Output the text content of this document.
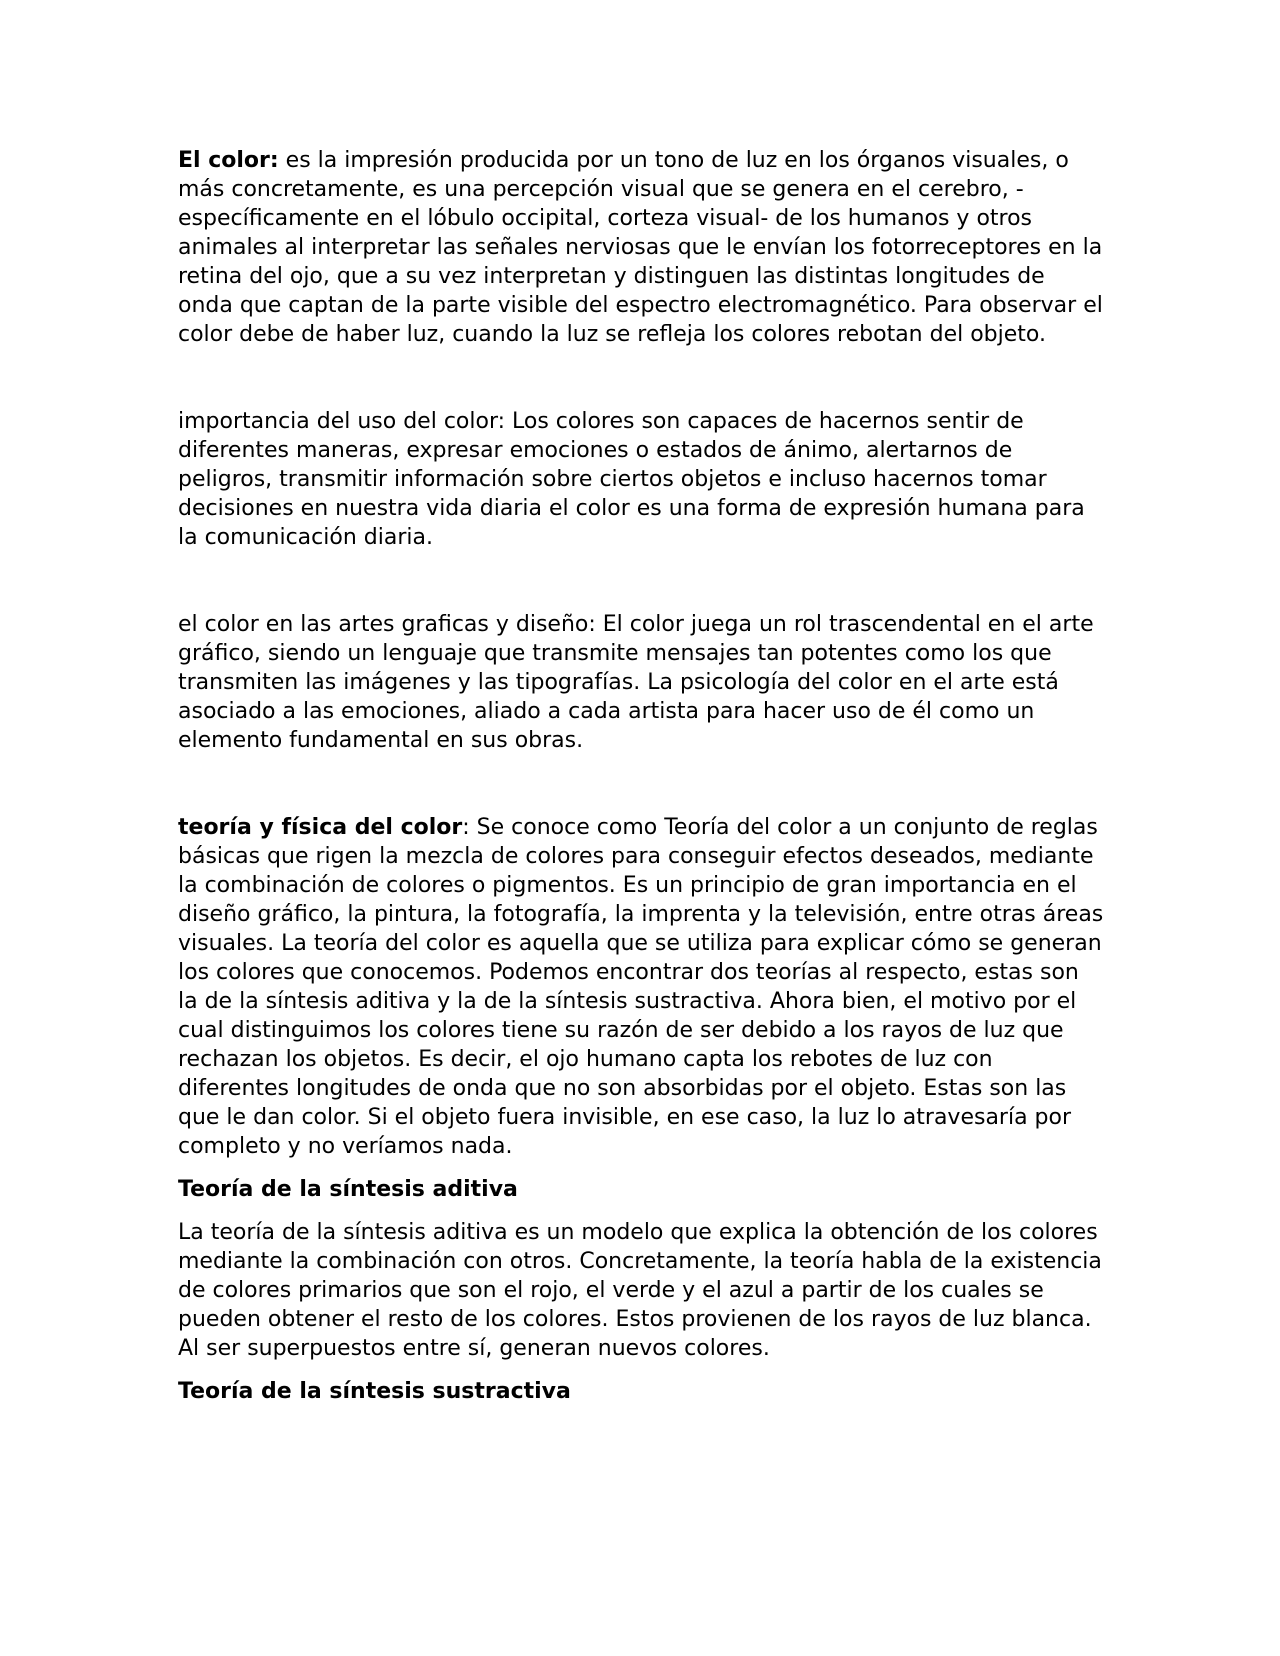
El color: es la impresión producida por un tono de luz en los órganos visuales, o más concretamente, es una percepción visual que se genera en el cerebro, -específicamente en el lóbulo occipital, corteza visual- de los humanos y otros animales al interpretar las señales nerviosas que le envían los fotorreceptores en la retina del ojo, que a su vez interpretan y distinguen las distintas longitudes de onda que captan de la parte visible del espectro electromagnético. Para observar el color debe de haber luz, cuando la luz se refleja los colores rebotan del objeto.

importancia del uso del color: Los colores son capaces de hacernos sentir de diferentes maneras, expresar emociones o estados de ánimo, alertarnos de peligros, transmitir información sobre ciertos objetos e incluso hacernos tomar decisiones en nuestra vida diaria el color es una forma de expresión humana para la comunicación diaria.

el color en las artes graficas y diseño: El color juega un rol trascendental en el arte gráfico, siendo un lenguaje que transmite mensajes tan potentes como los que transmiten las imágenes y las tipografías. La psicología del color en el arte está asociado a las emociones, aliado a cada artista para hacer uso de él como un elemento fundamental en sus obras.

teoría y física del color: Se conoce como Teoría del color a un conjunto de reglas básicas que rigen la mezcla de colores para conseguir efectos deseados, mediante la combinación de colores o pigmentos. Es un principio de gran importancia en el diseño gráfico, la pintura, la fotografía, la imprenta y la televisión, entre otras áreas visuales. La teoría del color es aquella que se utiliza para explicar cómo se generan los colores que conocemos. Podemos encontrar dos teorías al respecto, estas son la de la síntesis aditiva y la de la síntesis sustractiva. Ahora bien, el motivo por el cual distinguimos los colores tiene su razón de ser debido a los rayos de luz que rechazan los objetos. Es decir, el ojo humano capta los rebotes de luz con diferentes longitudes de onda que no son absorbidas por el objeto. Estas son las que le dan color. Si el objeto fuera invisible, en ese caso, la luz lo atravesaría por completo y no veríamos nada.

Teoría de la síntesis aditiva

La teoría de la síntesis aditiva es un modelo que explica la obtención de los colores mediante la combinación con otros. Concretamente, la teoría habla de la existencia de colores primarios que son el rojo, el verde y el azul a partir de los cuales se pueden obtener el resto de los colores. Estos provienen de los rayos de luz blanca. Al ser superpuestos entre sí, generan nuevos colores.

Teoría de la síntesis sustractiva
